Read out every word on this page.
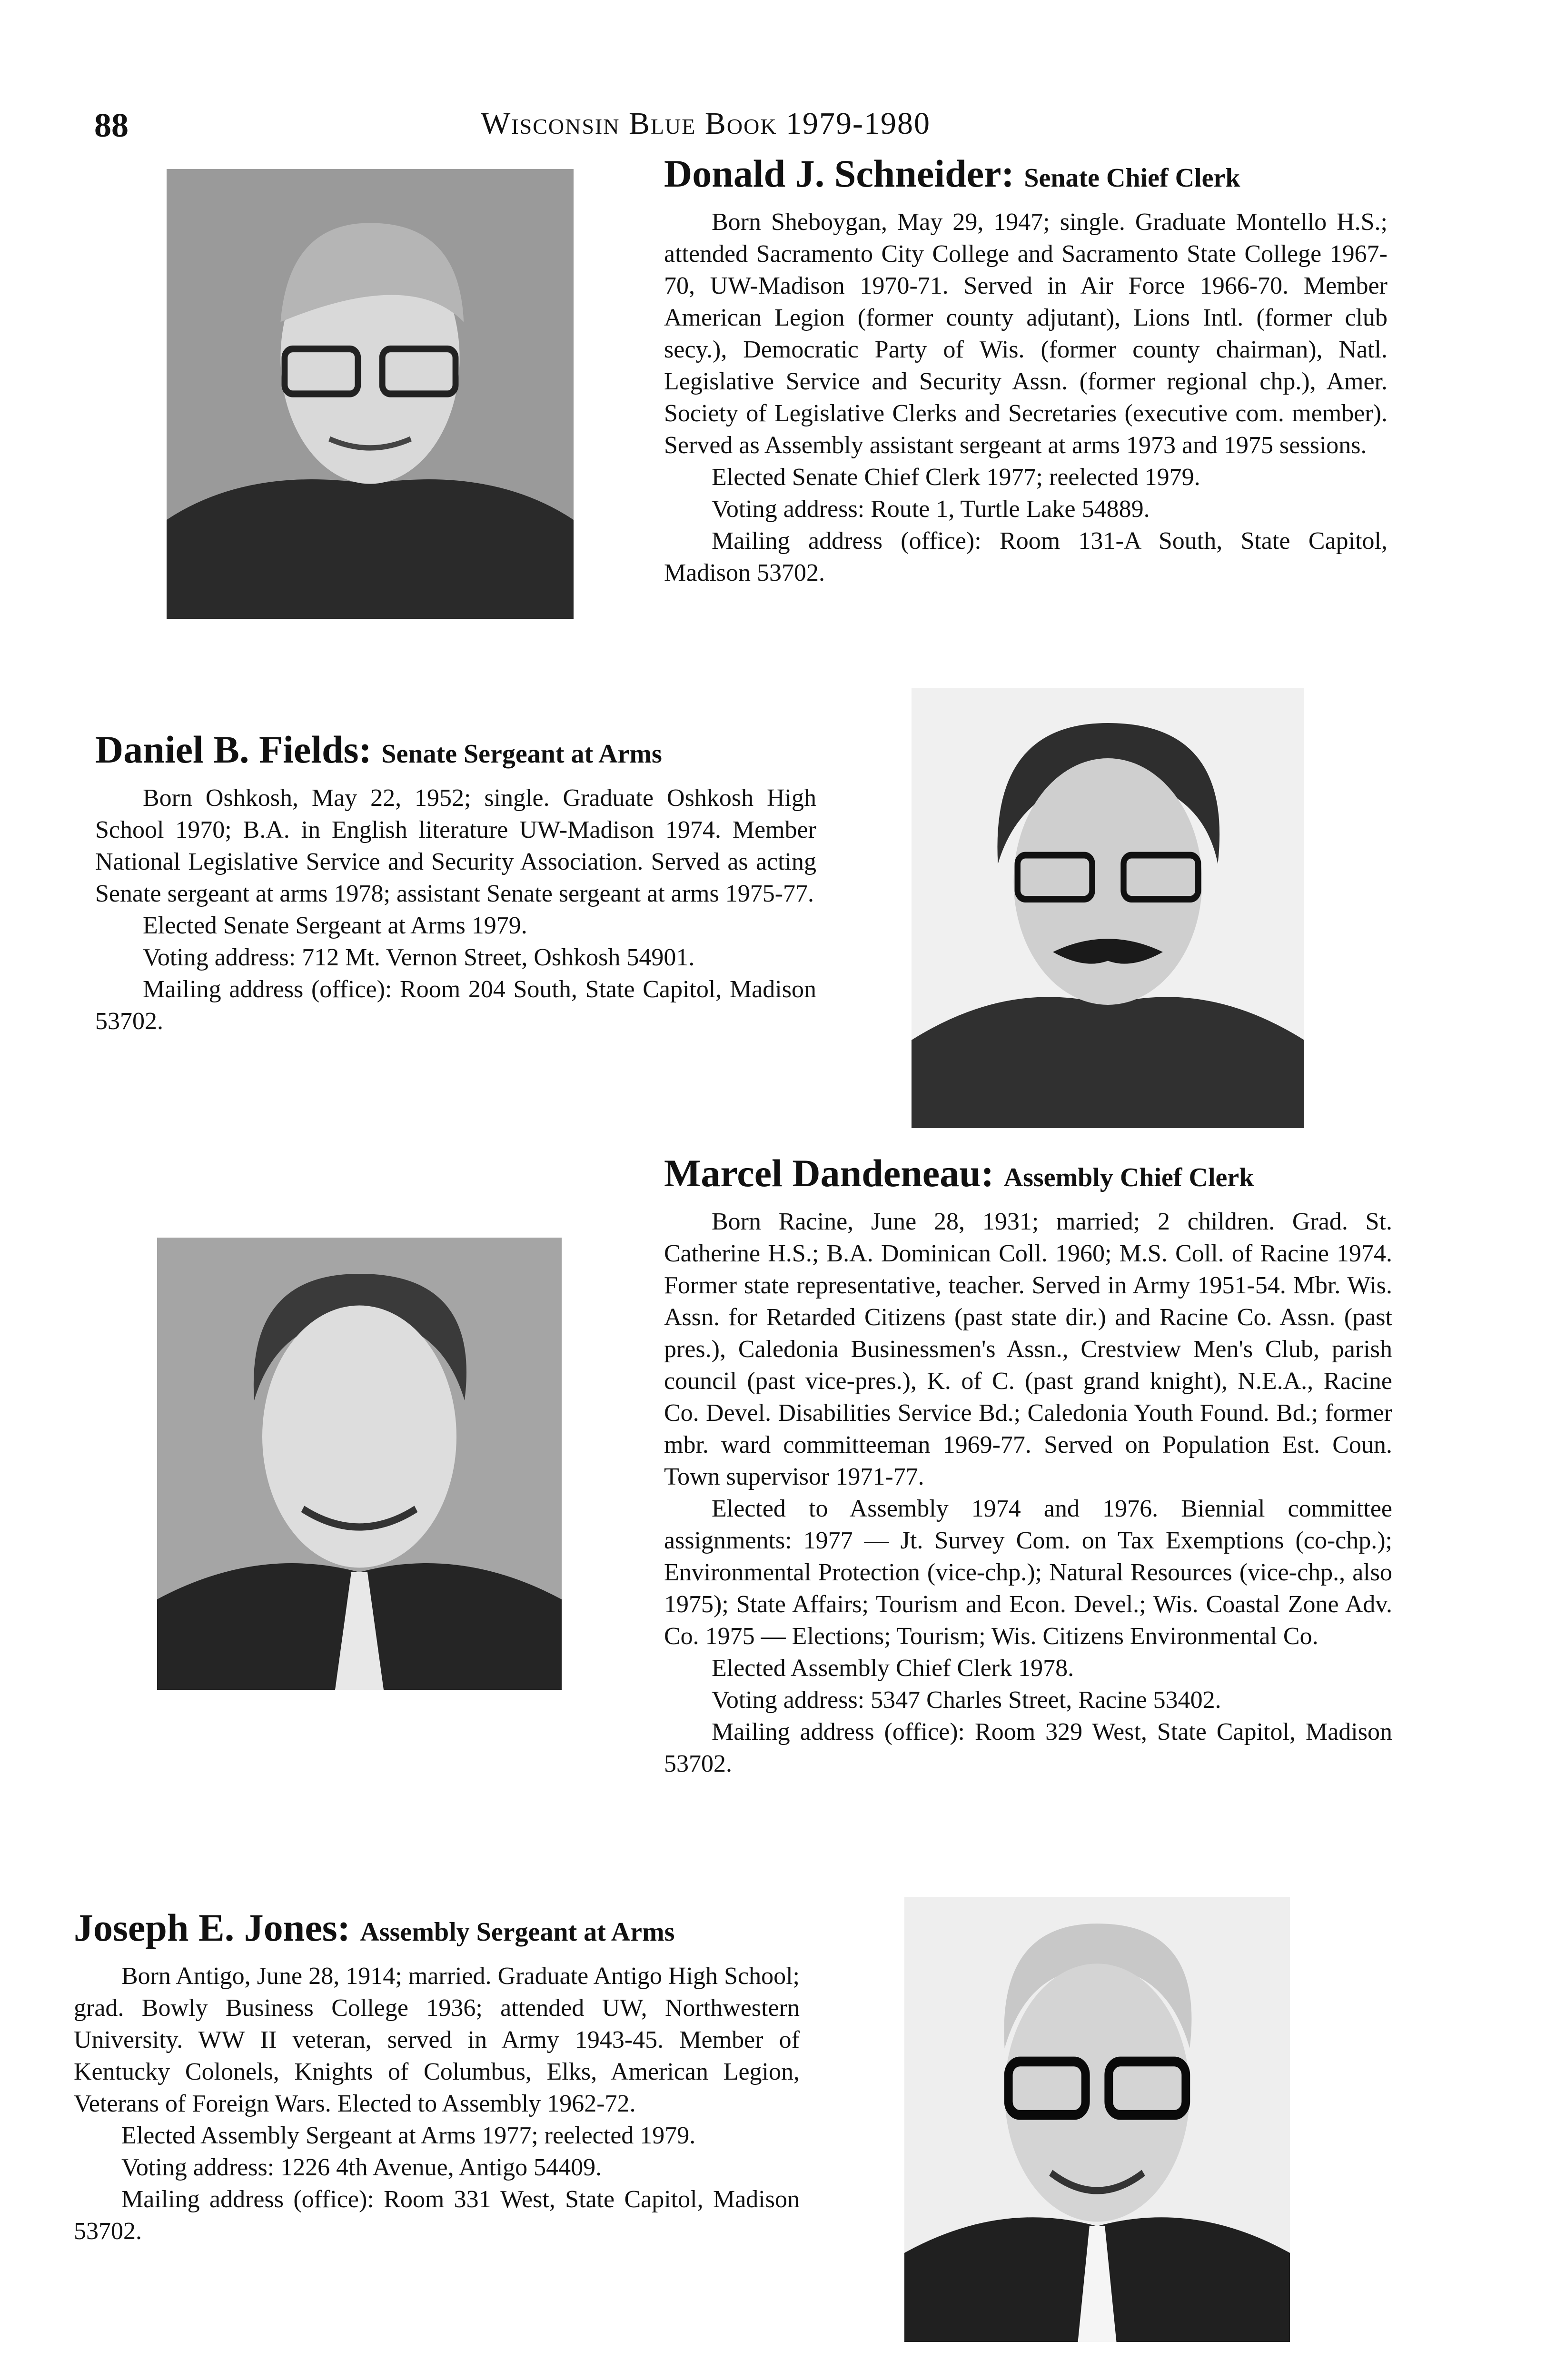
88	Wisconsin Blue Book 1979-1980
Donald J. Schneider: Senate Chief Clerk

Born Sheboygan, May 29, 1947; single. Graduate Montello H.S.; attended Sacramento City College and Sacramento State College 1967-70, UW-Madison 1970-71. Served in Air Force 1966-70. Member American Legion (former county adjutant), Lions Intl. (former club secy.), Democratic Party of Wis. (former county chairman), Natl. Legislative Service and Security Assn. (former regional chp.), Amer. Society of Legislative Clerks and Secretaries (executive com. member). Served as Assembly assistant sergeant at arms 1973 and 1975 sessions.

Elected Senate Chief Clerk 1977; reelected 1979.

Voting address: Route 1, Turtle Lake 54889.

Mailing address (office): Room 131-A South, State Capitol, Madison 53702.

Daniel B. Fields: Senate Sergeant at Arms

Born Oshkosh, May 22, 1952; single. Graduate Oshkosh High School 1970; B.A. in English literature UW-Madison 1974. Member National Legislative Service and Security Association. Served as acting Senate sergeant at arms 1978; assistant Senate sergeant at arms 1975-77.

Elected Senate Sergeant at Arms 1979.

Voting address: 712 Mt. Vernon Street, Oshkosh 54901.

Mailing address (office): Room 204 South, State Capitol, Madison 53702.

Marcel Dandeneau: Assembly Chief Clerk

Born Racine, June 28, 1931; married; 2 children. Grad. St. Catherine H.S.; B.A. Dominican Coll. 1960; M.S. Coll. of Racine 1974. Former state representative, teacher. Served in Army 1951-54. Mbr. Wis. Assn. for Retarded Citizens (past state dir.) and Racine Co. Assn. (past pres.), Caledonia Businessmen's Assn., Crestview Men's Club, parish council (past vice-pres.), K. of C. (past grand knight), N.E.A., Racine Co. Devel. Disabilities Service Bd.; Caledonia Youth Found. Bd.; former mbr. ward committeeman 1969-77. Served on Population Est. Coun. Town supervisor 1971-77.

Elected to Assembly 1974 and 1976. Biennial committee assignments: 1977 — Jt. Survey Com. on Tax Exemptions (co-chp.); Environmental Protection (vice-chp.); Natural Resources (vice-chp., also 1975); State Affairs; Tourism and Econ. Devel.; Wis. Coastal Zone Adv. Co. 1975 — Elections; Tourism; Wis. Citizens Environmental Co.

Elected Assembly Chief Clerk 1978.

Voting address: 5347 Charles Street, Racine 53402.

Mailing address (office): Room 329 West, State Capitol, Madison 53702.

Joseph E. Jones: Assembly Sergeant at Arms

Born Antigo, June 28, 1914; married. Graduate Antigo High School; grad. Bowly Business College 1936; attended UW, Northwestern University. WW II veteran, served in Army 1943-45. Member of Kentucky Colonels, Knights of Columbus, Elks, American Legion, Veterans of Foreign Wars. Elected to Assembly 1962-72.

Elected Assembly Sergeant at Arms 1977; reelected 1979.

Voting address: 1226 4th Avenue, Antigo 54409.

Mailing address (office): Room 331 West, State Capitol, Madison 53702.
